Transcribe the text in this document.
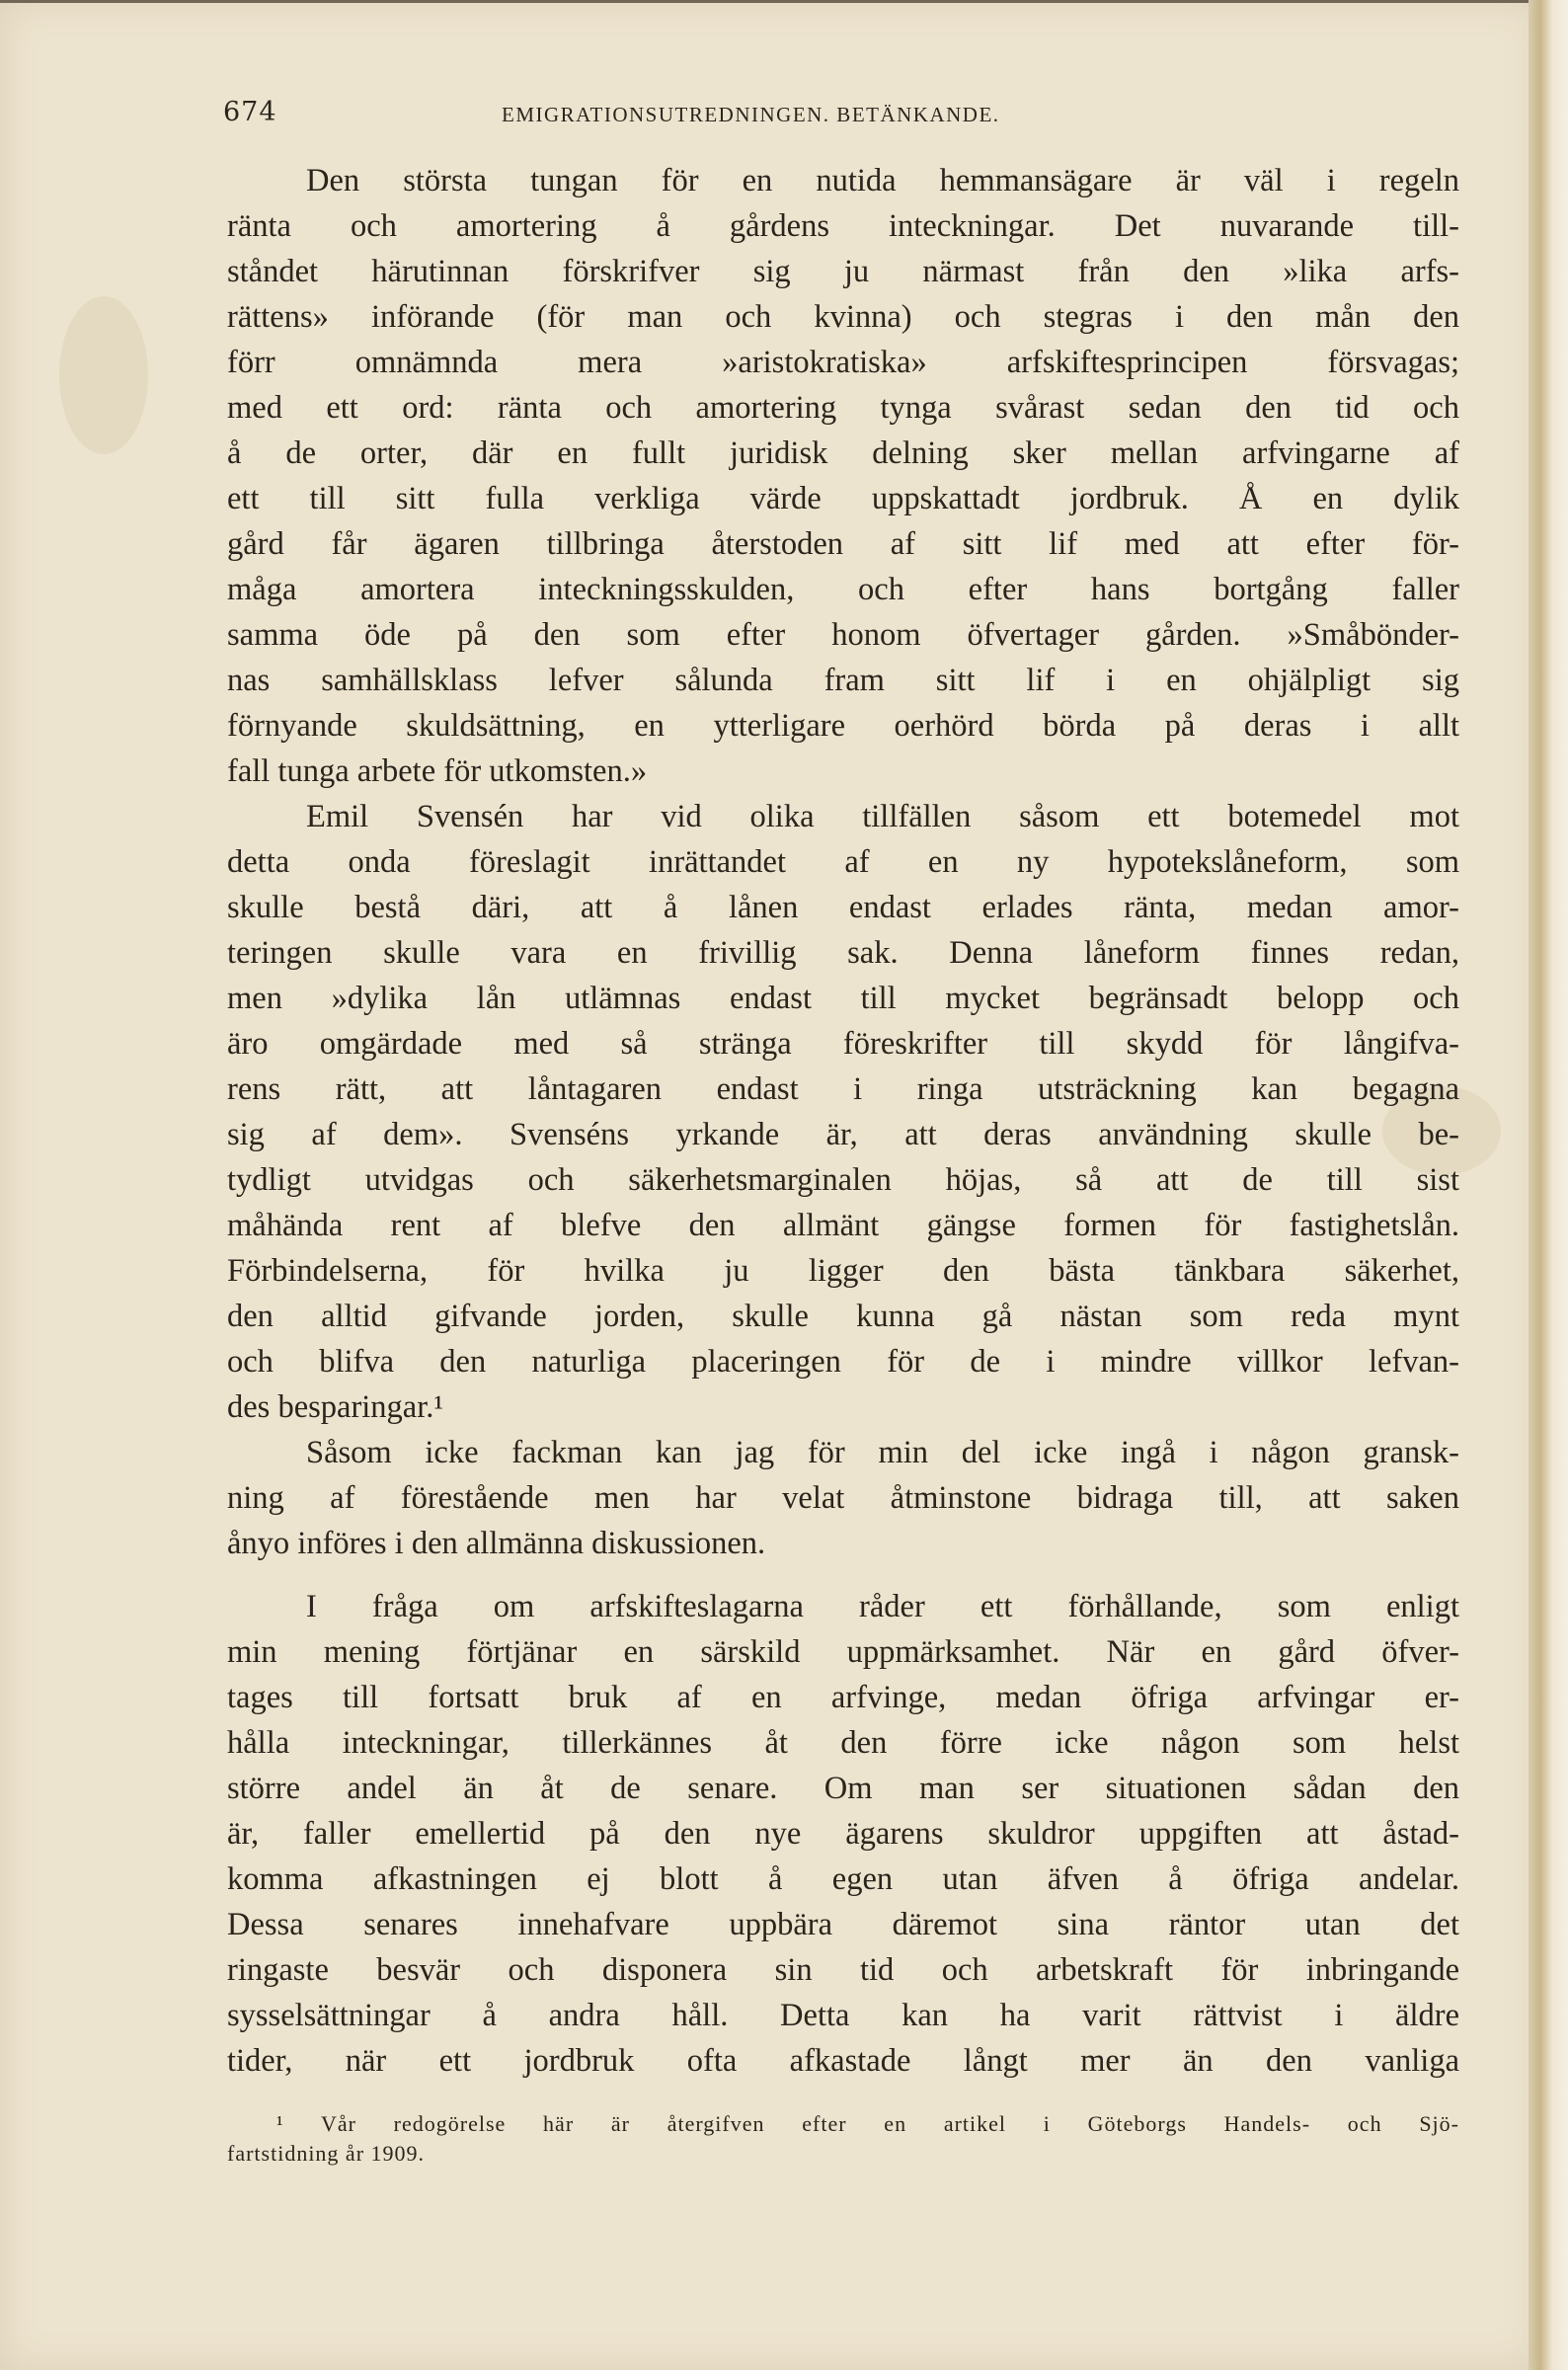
674	EMIGRATIONSUTREDNINGEN. BETÄNKANDE.
Den största tungan för en nutida hemmansägare är väl i regeln
ränta och amortering å gårdens inteckningar. Det nuvarande till-
ståndet härutinnan förskrifver sig ju närmast från den »lika arfs-
rättens» införande (för man och kvinna) och stegras i den mån den
förr omnämnda mera »aristokratiska» arfskiftesprincipen försvagas;
med ett ord: ränta och amortering tynga svårast sedan den tid och
å de orter, där en fullt juridisk delning sker mellan arfvingarne af
ett till sitt fulla verkliga värde uppskattadt jordbruk. Å en dylik
gård får ägaren tillbringa återstoden af sitt lif med att efter för-
måga amortera inteckningsskulden, och efter hans bortgång faller
samma öde på den som efter honom öfvertager gården. »Småbönder-
nas samhällsklass lefver sålunda fram sitt lif i en ohjälpligt sig
förnyande skuldsättning, en ytterligare oerhörd börda på deras i allt
fall tunga arbete för utkomsten.»
Emil Svensén har vid olika tillfällen såsom ett botemedel mot
detta onda föreslagit inrättandet af en ny hypotekslåneform, som
skulle bestå däri, att å lånen endast erlades ränta, medan amor-
teringen skulle vara en frivillig sak. Denna låneform finnes redan,
men »dylika lån utlämnas endast till mycket begränsadt belopp och
äro omgärdade med så stränga föreskrifter till skydd för långifva-
rens rätt, att låntagaren endast i ringa utsträckning kan begagna
sig af dem». Svenséns yrkande är, att deras användning skulle be-
tydligt utvidgas och säkerhetsmarginalen höjas, så att de till sist
måhända rent af blefve den allmänt gängse formen för fastighetslån.
Förbindelserna, för hvilka ju ligger den bästa tänkbara säkerhet,
den alltid gifvande jorden, skulle kunna gå nästan som reda mynt
och blifva den naturliga placeringen för de i mindre villkor lefvan-
des besparingar.¹
Såsom icke fackman kan jag för min del icke ingå i någon gransk-
ning af förestående men har velat åtminstone bidraga till, att saken
ånyo införes i den allmänna diskussionen.
I fråga om arfskifteslagarna råder ett förhållande, som enligt
min mening förtjänar en särskild uppmärksamhet. När en gård öfver-
tages till fortsatt bruk af en arfvinge, medan öfriga arfvingar er-
hålla inteckningar, tillerkännes åt den förre icke någon som helst
större andel än åt de senare. Om man ser situationen sådan den
är, faller emellertid på den nye ägarens skuldror uppgiften att åstad-
komma afkastningen ej blott å egen utan äfven å öfriga andelar.
Dessa senares innehafvare uppbära däremot sina räntor utan det
ringaste besvär och disponera sin tid och arbetskraft för inbringande
sysselsättningar å andra håll. Detta kan ha varit rättvist i äldre
tider, när ett jordbruk ofta afkastade långt mer än den vanliga
¹ Vår redogörelse här är återgifven efter en artikel i Göteborgs Handels- och Sjö-
fartstidning år 1909.
